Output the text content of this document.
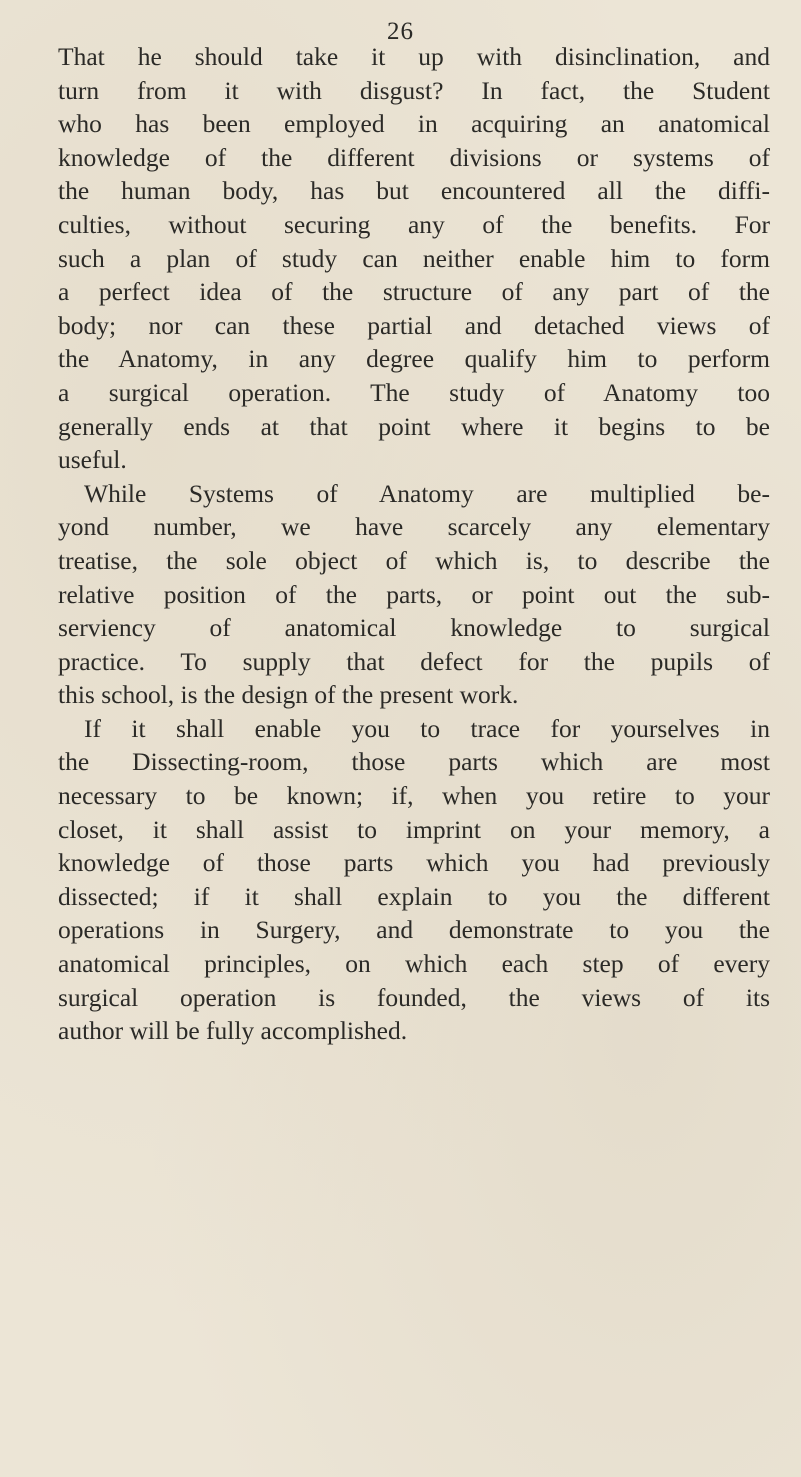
26
That he should take it up with disinclination, and
turn from it with disgust? In fact, the Student
who has been employed in acquiring an anatomical
knowledge of the different divisions or systems of
the human body, has but encountered all the diffi-
culties, without securing any of the benefits. For
such a plan of study can neither enable him to form
a perfect idea of the structure of any part of the
body; nor can these partial and detached views of
the Anatomy, in any degree qualify him to perform
a surgical operation. The study of Anatomy too
generally ends at that point where it begins to be
useful.
While Systems of Anatomy are multiplied be-
yond number, we have scarcely any elementary
treatise, the sole object of which is, to describe the
relative position of the parts, or point out the sub-
serviency of anatomical knowledge to surgical
practice. To supply that defect for the pupils of
this school, is the design of the present work.
If it shall enable you to trace for yourselves in
the Dissecting-room, those parts which are most
necessary to be known; if, when you retire to your
closet, it shall assist to imprint on your memory, a
knowledge of those parts which you had previously
dissected; if it shall explain to you the different
operations in Surgery, and demonstrate to you the
anatomical principles, on which each step of every
surgical operation is founded, the views of its
author will be fully accomplished.
